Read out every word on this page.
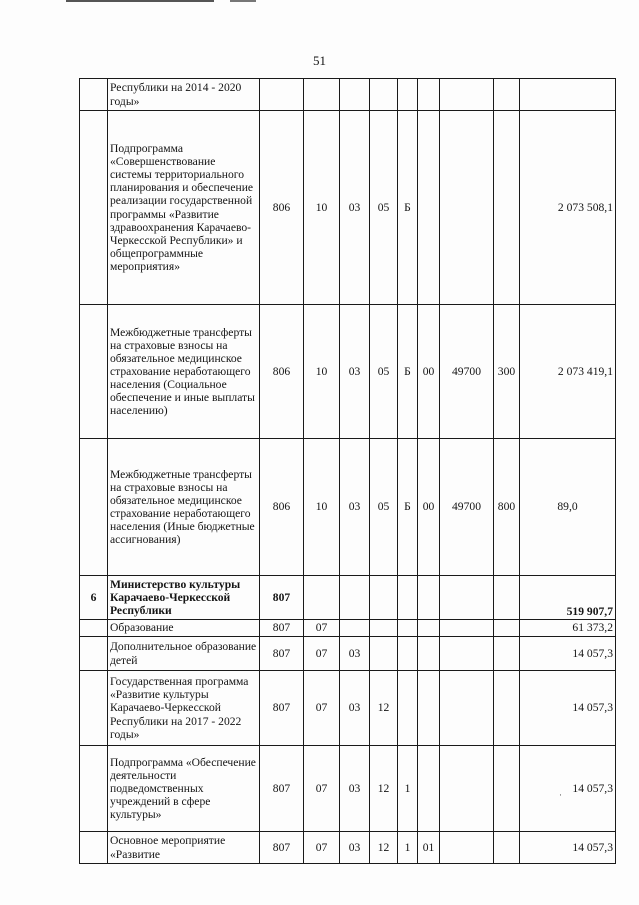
51
	Республики на 2014 - 2020 годы»									
	Подпрограмма «Совершенствование системы территориального планирования и обеспечение реализации государственной программы «Развитие здравоохранения Карачаево-Черкесской Республики» и общепрограммные мероприятия»	806	10	03	05	Б				2 073 508,1
	Межбюджетные трансферты на страховые взносы на обязательное медицинское страхование неработающего населения (Социальное обеспечение и иные выплаты населению)	806	10	03	05	Б	00	49700	300	2 073 419,1
	Межбюджетные трансферты на страховые взносы на обязательное медицинское страхование неработающего населения (Иные бюджетные ассигнования)	806	10	03	05	Б	00	49700	800	89,0
6	Министерство культуры Карачаево-Черкесской Республики	807								519 907,7
	Образование	807	07							61 373,2
	Дополнительное образование детей	807	07	03						14 057,3
	Государственная программа «Развитие культуры Карачаево-Черкесской Республики на 2017 - 2022 годы»	807	07	03	12					14 057,3
	Подпрограмма «Обеспечение деятельности подведомственных учреждений в сфере культуры»	807	07	03	12	1				14 057,3
	Основное мероприятие «Развитие	807	07	03	12	1	01			14 057,3
·
